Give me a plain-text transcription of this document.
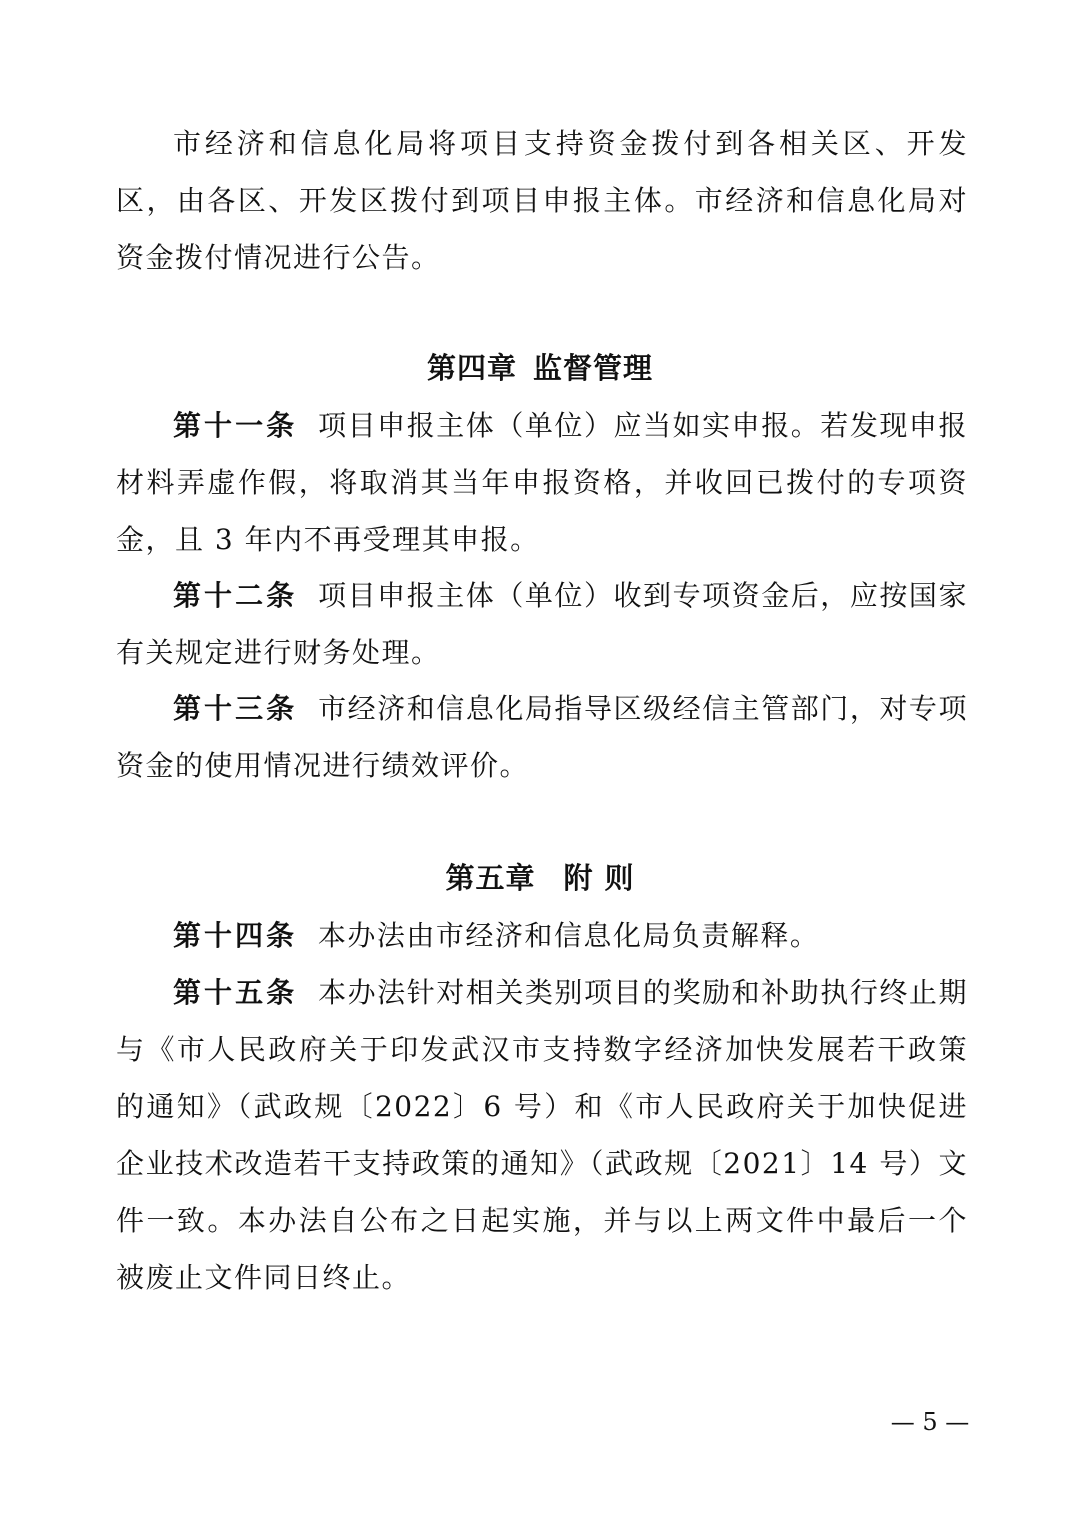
市经济和信息化局将项目支持资金拨付到各相关区、开发区，由各区、开发区拨付到项目申报主体。市经济和信息化局对资金拨付情况进行公告。

第四章 监督管理

第十一条 项目申报主体（单位）应当如实申报。若发现申报材料弄虚作假，将取消其当年申报资格，并收回已拨付的专项资金，且 3 年内不再受理其申报。

第十二条 项目申报主体（单位）收到专项资金后，应按国家有关规定进行财务处理。

第十三条 市经济和信息化局指导区级经信主管部门，对专项资金的使用情况进行绩效评价。

第五章 附 则

第十四条 本办法由市经济和信息化局负责解释。

第十五条 本办法针对相关类别项目的奖励和补助执行终止期与《市人民政府关于印发武汉市支持数字经济加快发展若干政策的通知》（武政规〔2022〕6 号）和《市人民政府关于加快促进企业技术改造若干支持政策的通知》（武政规〔2021〕14 号）文件一致。本办法自公布之日起实施，并与以上两文件中最后一个被废止文件同日终止。

— 5 —
